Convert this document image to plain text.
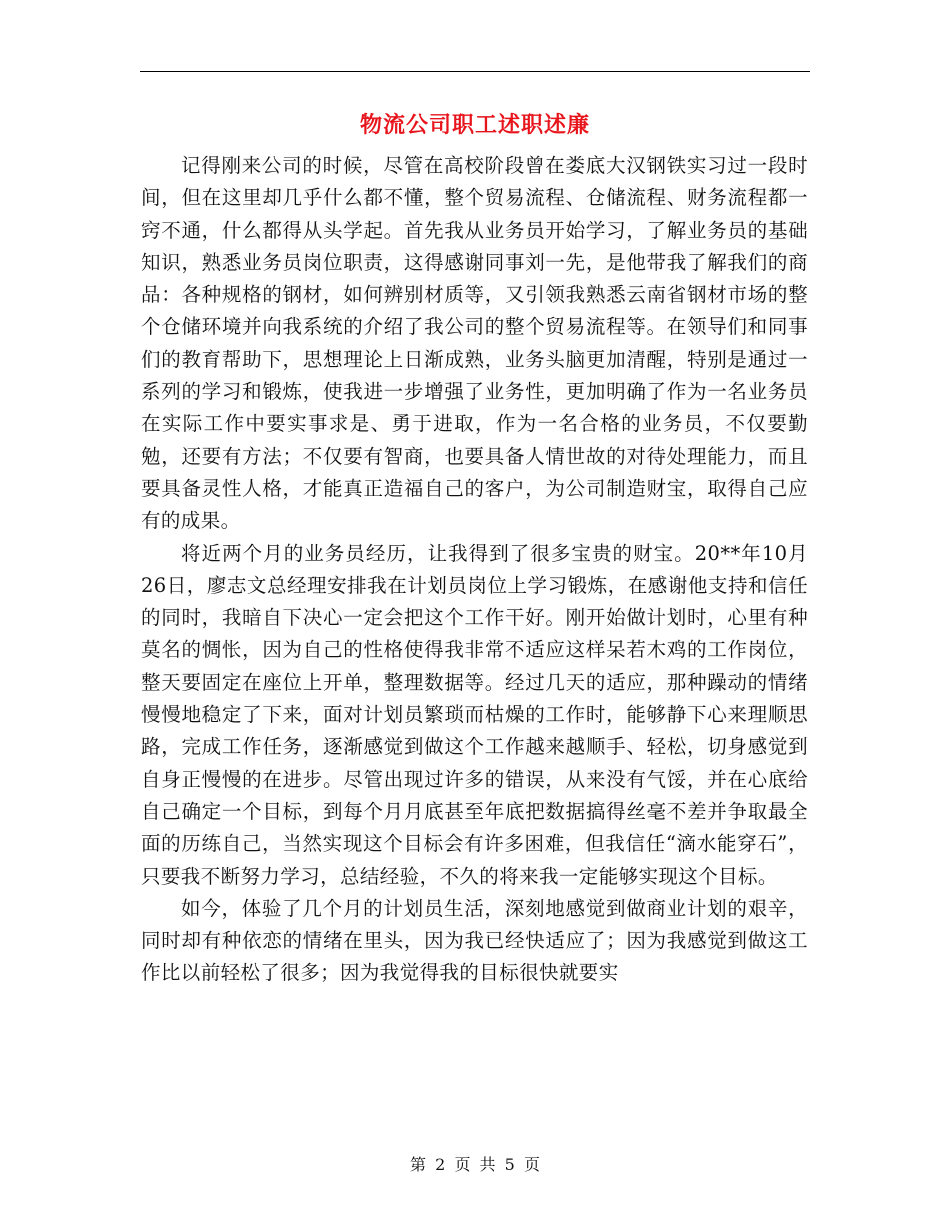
物流公司职工述职述廉

记得刚来公司的时候，尽管在高校阶段曾在娄底大汉钢铁实习过一段时间，但在这里却几乎什么都不懂，整个贸易流程、仓储流程、财务流程都一窍不通，什么都得从头学起。首先我从业务员开始学习，了解业务员的基础知识，熟悉业务员岗位职责，这得感谢同事刘一先，是他带我了解我们的商品：各种规格的钢材，如何辨别材质等，又引领我熟悉云南省钢材市场的整个仓储环境并向我系统的介绍了我公司的整个贸易流程等。在领导们和同事们的教育帮助下，思想理论上日渐成熟，业务头脑更加清醒，特别是通过一系列的学习和锻炼，使我进一步增强了业务性，更加明确了作为一名业务员在实际工作中要实事求是、勇于进取，作为一名合格的业务员，不仅要勤勉，还要有方法；不仅要有智商，也要具备人情世故的对待处理能力，而且要具备灵性人格，才能真正造福自己的客户，为公司制造财宝，取得自己应有的成果。

将近两个月的业务员经历，让我得到了很多宝贵的财宝。20**年10月26日，廖志文总经理安排我在计划员岗位上学习锻炼，在感谢他支持和信任的同时，我暗自下决心一定会把这个工作干好。刚开始做计划时，心里有种莫名的惆怅，因为自己的性格使得我非常不适应这样呆若木鸡的工作岗位，整天要固定在座位上开单，整理数据等。经过几天的适应，那种躁动的情绪慢慢地稳定了下来，面对计划员繁琐而枯燥的工作时，能够静下心来理顺思路，完成工作任务，逐渐感觉到做这个工作越来越顺手、轻松，切身感觉到自身正慢慢的在进步。尽管出现过许多的错误，从来没有气馁，并在心底给自己确定一个目标，到每个月月底甚至年底把数据搞得丝毫不差并争取最全面的历练自己，当然实现这个目标会有许多困难，但我信任“滴水能穿石”，只要我不断努力学习，总结经验，不久的将来我一定能够实现这个目标。

如今，体验了几个月的计划员生活，深刻地感觉到做商业计划的艰辛，同时却有种依恋的情绪在里头，因为我已经快适应了；因为我感觉到做这工作比以前轻松了很多；因为我觉得我的目标很快就要实

第 2 页 共 5 页
